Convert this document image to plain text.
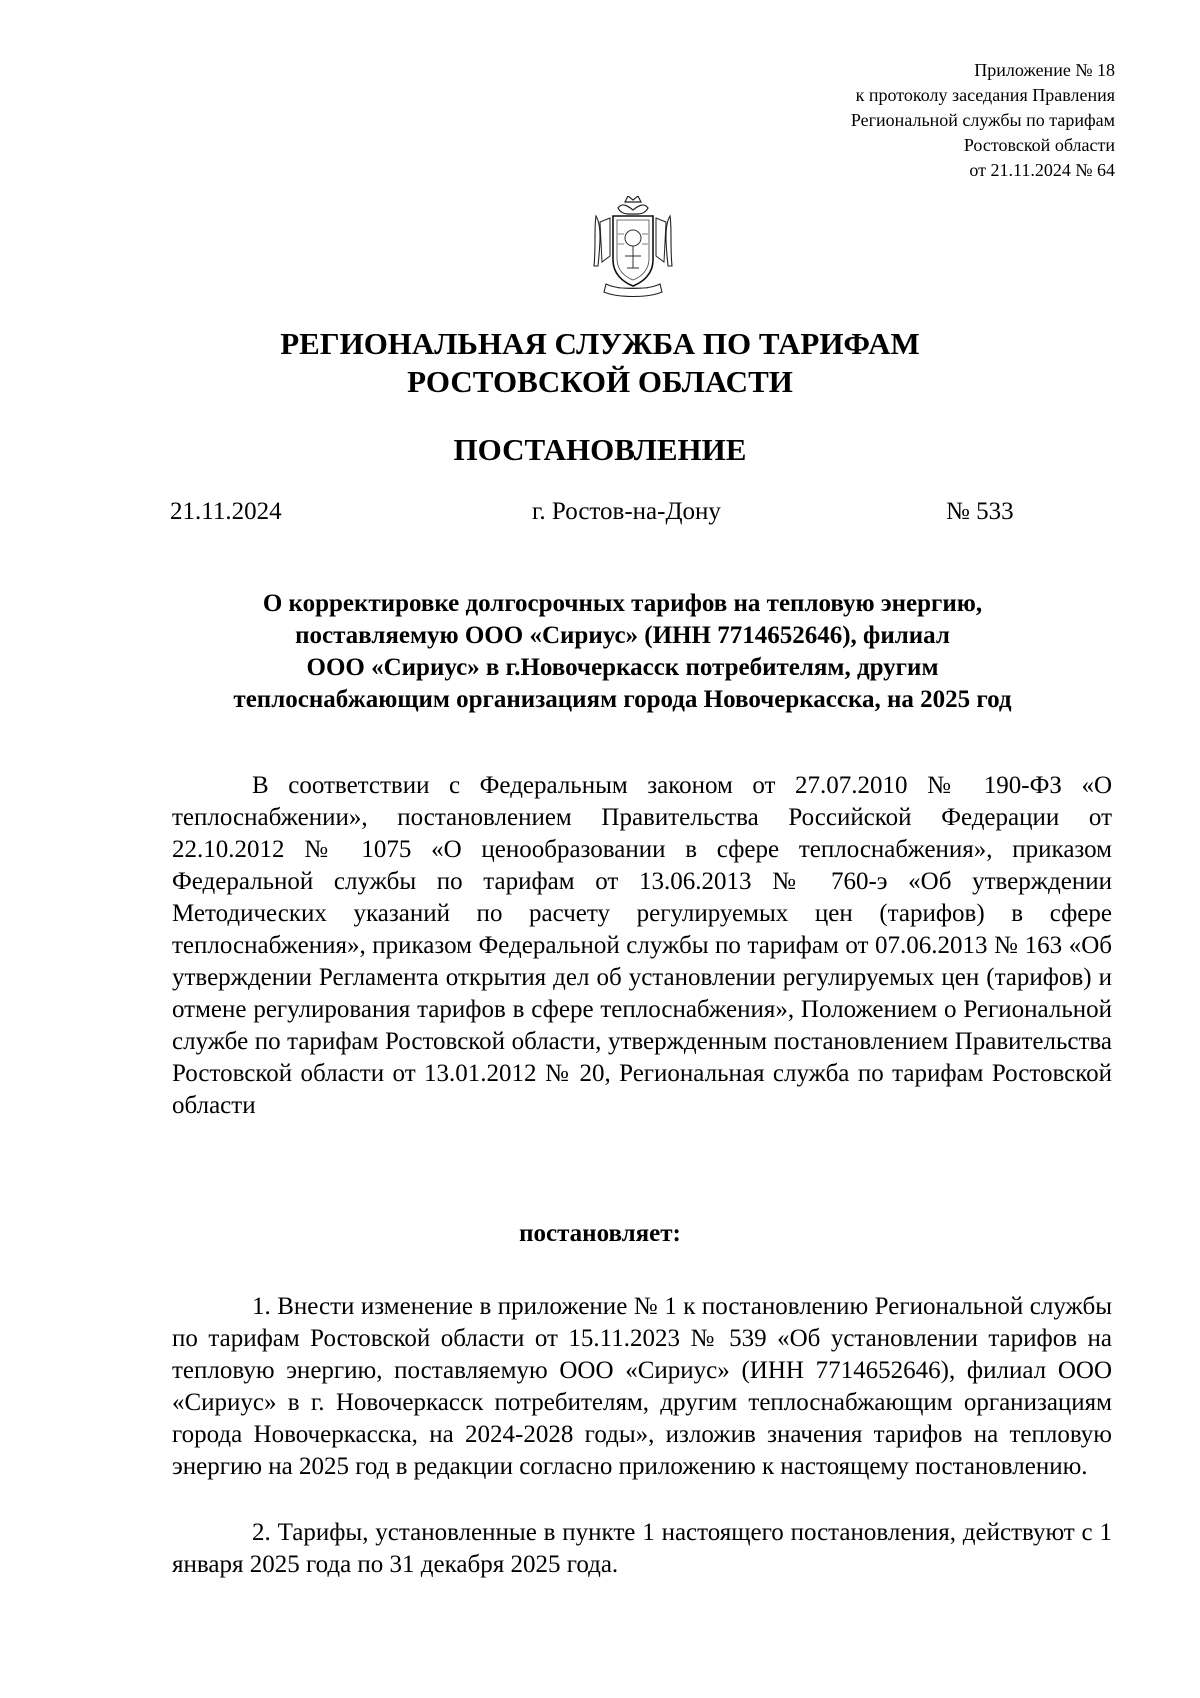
Приложение № 18
к протоколу заседания Правления
Региональной службы по тарифам
Ростовской области
от 21.11.2024 № 64
РЕГИОНАЛЬНАЯ СЛУЖБА ПО ТАРИФАМ
РОСТОВСКОЙ ОБЛАСТИ
ПОСТАНОВЛЕНИЕ
21.11.2024	г. Ростов-на-Дону	№ 533
О корректировке долгосрочных тарифов на тепловую энергию,
поставляемую ООО «Сириус» (ИНН 7714652646), филиал
ООО «Сириус» в г.Новочеркасск потребителям, другим
теплоснабжающим организациям города Новочеркасска, на 2025 год
В соответствии с Федеральным законом от 27.07.2010 № 190-ФЗ «О теплоснабжении», постановлением Правительства Российской Федерации от 22.10.2012 № 1075 «О ценообразовании в сфере теплоснабжения», приказом Федеральной службы по тарифам от 13.06.2013 № 760-э «Об утверждении Методических указаний по расчету регулируемых цен (тарифов) в сфере теплоснабжения», приказом Федеральной службы по тарифам от 07.06.2013 № 163 «Об утверждении Регламента открытия дел об установлении регулируемых цен (тарифов) и отмене регулирования тарифов в сфере теплоснабжения», Положением о Региональной службе по тарифам Ростовской области, утвержденным постановлением Правительства Ростовской области от 13.01.2012 № 20, Региональная служба по тарифам Ростовской области
постановляет:
1. Внести изменение в приложение № 1 к постановлению Региональной службы по тарифам Ростовской области от 15.11.2023 № 539 «Об установлении тарифов на тепловую энергию, поставляемую ООО «Сириус» (ИНН 7714652646), филиал ООО «Сириус» в г. Новочеркасск потребителям, другим теплоснабжающим организациям города Новочеркасска, на 2024-2028 годы», изложив значения тарифов на тепловую энергию на 2025 год в редакции согласно приложению к настоящему постановлению.
2. Тарифы, установленные в пункте 1 настоящего постановления, действуют с 1 января 2025 года по 31 декабря 2025 года.
